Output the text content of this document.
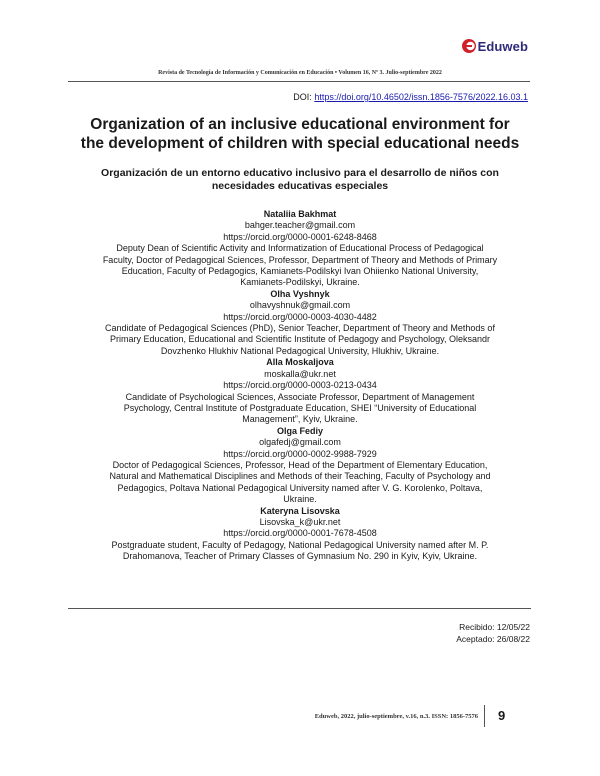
Eduweb
Revista de Tecnología de Información y Comunicación en Educación • Volumen 16, Nº 3. Julio-septiembre 2022
DOI: https://doi.org/10.46502/issn.1856-7576/2022.16.03.1
Organization of an inclusive educational environment for
the development of children with special educational needs
Organización de un entorno educativo inclusivo para el desarrollo de niños con
necesidades educativas especiales
Nataliia Bakhmat
bahger.teacher@gmail.com
https://orcid.org/0000-0001-6248-8468
Deputy Dean of Scientific Activity and Informatization of Educational Process of Pedagogical
Faculty, Doctor of Pedagogical Sciences, Professor, Department of Theory and Methods of Primary
Education, Faculty of Pedagogics, Kamianets-Podilskyi Ivan Ohiienko National University,
Kamianets-Podilskyi, Ukraine.
Olha Vyshnyk
olhavyshnuk@gmail.com
https://orcid.org/0000-0003-4030-4482
Candidate of Pedagogical Sciences (PhD), Senior Teacher, Department of Theory and Methods of
Primary Education, Educational and Scientific Institute of Pedagogy and Psychology, Oleksandr
Dovzhenko Hlukhiv National Pedagogical University, Hlukhiv, Ukraine.
Alla Moskaljova
moskalla@ukr.net
https://orcid.org/0000-0003-0213-0434
Candidate of Psychological Sciences, Associate Professor, Department of Management
Psychology, Central Institute of Postgraduate Education, SHEI “University of Educational
Management”, Kyiv, Ukraine.
Olga Fediy
olgafedj@gmail.com
https://orcid.org/0000-0002-9988-7929
Doctor of Pedagogical Sciences, Professor, Head of the Department of Elementary Education,
Natural and Mathematical Disciplines and Methods of their Teaching, Faculty of Psychology and
Pedagogics, Poltava National Pedagogical University named after V. G. Korolenko, Poltava,
Ukraine.
Kateryna Lisovska
Lisovska_k@ukr.net
https://orcid.org/0000-0001-7678-4508
Postgraduate student, Faculty of Pedagogy, National Pedagogical University named after M. P.
Drahomanova, Teacher of Primary Classes of Gymnasium No. 290 in Kyiv, Kyiv, Ukraine.
Recibido: 12/05/22
Aceptado: 26/08/22
Eduweb, 2022, julio-septiembre, v.16, n.3. ISSN: 1856-7576 9
